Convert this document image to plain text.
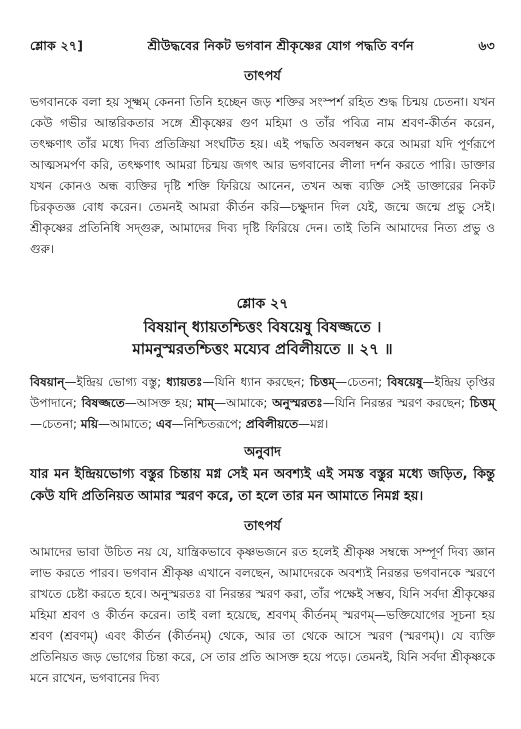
শ্লোক ২৭]	শ্রীউদ্ধবের নিকট ভগবান শ্রীকৃষ্ণের যোগ পদ্ধতি বর্ণন	৬৩

তাৎপর্য

ভগবানকে বলা হয় সূক্ষ্মম্‌ কেননা তিনি হচ্ছেন জড় শক্তির সংস্পর্শ রহিত শুদ্ধ চিন্ময় চেতনা। যখন কেউ গভীর আন্তরিকতার সঙ্গে শ্রীকৃষ্ণের গুণ মহিমা ও তাঁর পবিত্র নাম শ্রবণ-কীর্তন করেন, তৎক্ষণাৎ তাঁর মধ্যে দিব্য প্রতিক্রিয়া সংঘটিত হয়। এই পদ্ধতি অবলম্বন করে আমরা যদি পূর্ণরূপে আত্মসমর্পণ করি, তৎক্ষণাৎ আমরা চিন্ময় জগৎ আর ভগবানের লীলা দর্শন করতে পারি। ডাক্তার যখন কোনও অন্ধ ব্যক্তির দৃষ্টি শক্তি ফিরিয়ে আনেন, তখন অন্ধ ব্যক্তি সেই ডাক্তারের নিকট চিরকৃতজ্ঞ বোধ করেন। তেমনই আমরা কীর্তন করি—চক্ষুদান দিল যেই, জন্মে জন্মে প্রভু সেই। শ্রীকৃষ্ণের প্রতিনিধি সদ্‌গুরু, আমাদের দিব্য দৃষ্টি ফিরিয়ে দেন। তাই তিনি আমাদের নিত্য প্রভু ও গুরু।

শ্লোক ২৭

বিষয়ান্‌ ধ্যায়তশ্চিত্তং বিষয়েষু বিষজ্জতে ।

মামনুস্মরতশ্চিত্তং ময্যেব প্রবিলীয়তে ॥ ২৭ ॥

বিষয়ান্‌—ইন্দ্রিয় ভোগ্য বস্তু; ধ্যায়তঃ—যিনি ধ্যান করছেন; চিত্তম্‌—চেতনা; বিষয়েষু—ইন্দ্রিয় তৃপ্তির উপাদানে; বিষজ্জতে—আসক্ত হয়; মাম্‌—আমাকে; অনুস্মরতঃ—যিনি নিরন্তর স্মরণ করছেন; চিত্তম্‌—চেতনা; ময়ি—আমাতে; এব—নিশ্চিতরূপে; প্রবিলীয়তে—মগ্ন।

অনুবাদ

যার মন ইন্দ্রিয়ভোগ্য বস্তুর চিন্তায় মগ্ন সেই মন অবশ্যই এই সমস্ত বস্তুর মধ্যে জড়িত, কিন্তু কেউ যদি প্রতিনিয়ত আমার স্মরণ করে, তা হলে তার মন আমাতে নিমগ্ন হয়।

তাৎপর্য

আমাদের ভাবা উচিত নয় যে, যান্ত্রিকভাবে কৃষ্ণভজনে রত হলেই শ্রীকৃষ্ণ সম্বন্ধে সম্পূর্ণ দিব্য জ্ঞান লাভ করতে পারব। ভগবান শ্রীকৃষ্ণ এখানে বলছেন, আমাদেরকে অবশ্যই নিরন্তর ভগবানকে স্মরণে রাখতে চেষ্টা করতে হবে। অনুস্মরতঃ বা নিরন্তর স্মরণ করা, তাঁর পক্ষেই সম্ভব, যিনি সর্বদা শ্রীকৃষ্ণের মহিমা শ্রবণ ও কীর্তন করেন। তাই বলা হয়েছে, শ্রবণম্‌ কীর্তনম্‌ স্মরণম্‌—ভক্তিযোগের সূচনা হয় শ্রবণ (শ্রবণম্‌) এবং কীর্তন (কীর্তনম্‌) থেকে, আর তা থেকে আসে স্মরণ (স্মরণম্‌)। যে ব্যক্তি প্রতিনিয়ত জড় ভোগের চিন্তা করে, সে তার প্রতি আসক্ত হয়ে পড়ে। তেমনই, যিনি সর্বদা শ্রীকৃষ্ণকে মনে রাখেন, ভগবানের দিব্য
